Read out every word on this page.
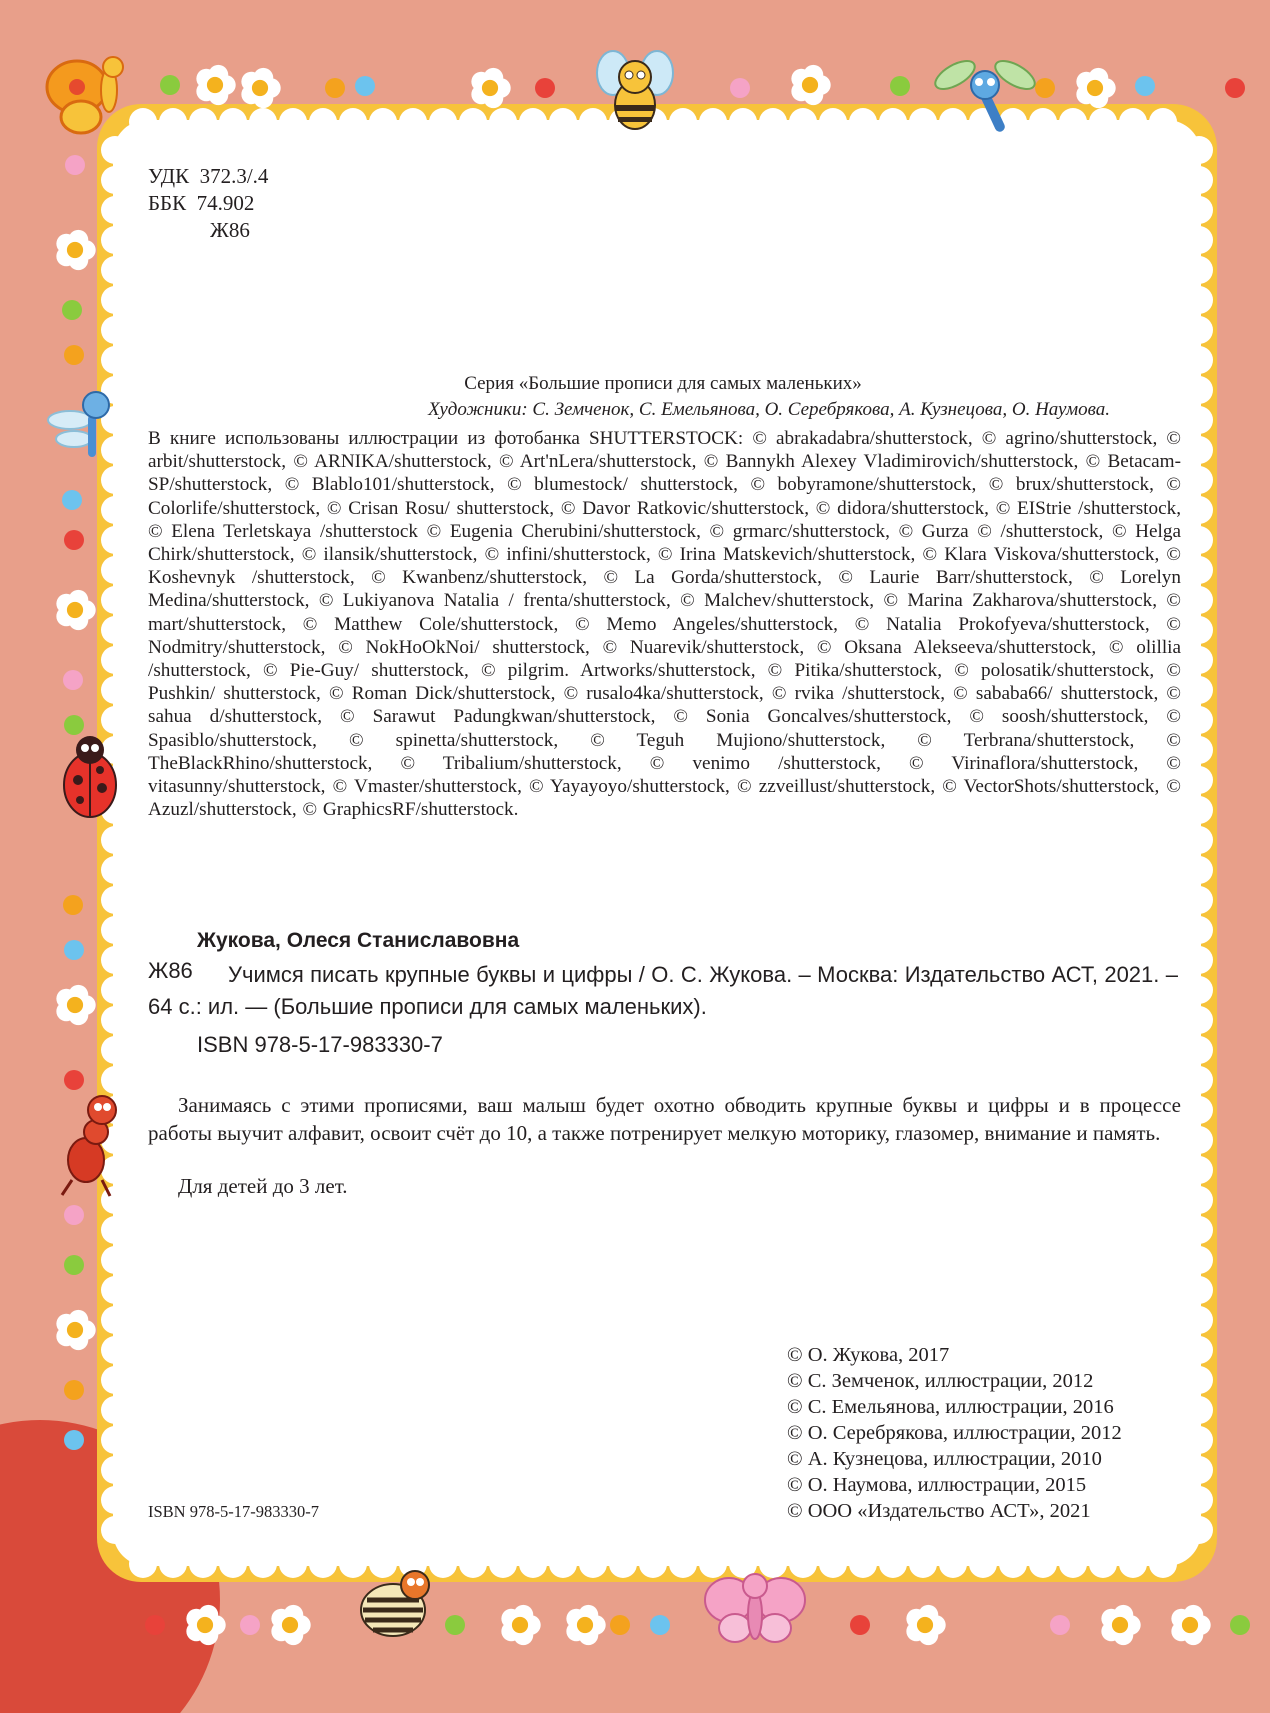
УДК  372.3/.4
ББК  74.902
Ж86
Серия «Большие прописи для самых маленьких»
Художники: С. Земченок, С. Емельянова, О. Серебрякова, А. Кузнецова, О. Наумова.
В книге использованы иллюстрации из фотобанка SHUTTERSTOCK: © abrakadabra/shutterstock, © agrino/shutterstock, © arbit/shutterstock, © ARNIKA/shutterstock, © Art'nLera/shutterstock, © Bannykh Alexey Vladimirovich/shutterstock, © Betacam-SP/shutterstock, © Blablo101/shutterstock, © blumestock/ shutterstock, © bobyramone/shutterstock, © brux/shutterstock, © Colorlife/shutterstock, © Crisan Rosu/ shutterstock, © Davor Ratkovic/shutterstock, © didora/shutterstock, © EIStrie /shutterstock, © Elena Terletskaya /shutterstock © Eugenia Cherubini/shutterstock, © grmarc/shutterstock, © Gurza © /shutterstock, © Helga Chirk/shutterstock, © ilansik/shutterstock, © infini/shutterstock, © Irina Matskevich/shutterstock, © Klara Viskova/shutterstock, © Koshevnyk /shutterstock, © Kwanbenz/shutterstock, © La Gorda/shutterstock, © Laurie Barr/shutterstock, © Lorelyn Medina/shutterstock, © Lukiyanova Natalia / frenta/shutterstock, © Malchev/shutterstock, © Marina Zakharova/shutterstock, © mart/shutterstock, © Matthew Cole/shutterstock, © Memo Angeles/shutterstock, © Natalia Prokofyeva/shutterstock, © Nodmitry/shutterstock, © NokHoOkNoi/ shutterstock, © Nuarevik/shutterstock, © Oksana Alekseeva/shutterstock, © olillia /shutterstock, © Pie-Guy/ shutterstock, © pilgrim. Artworks/shutterstock, © Pitika/shutterstock, © polosatik/shutterstock, © Pushkin/ shutterstock, © Roman Dick/shutterstock, © rusalo4ka/shutterstock, © rvika /shutterstock, © sababa66/ shutterstock, © sahua d/shutterstock, © Sarawut Padungkwan/shutterstock, © Sonia Goncalves/shutterstock, © soosh/shutterstock, © Spasiblo/shutterstock, © spinetta/shutterstock, © Teguh Mujiono/shutterstock, © Terbrana/shutterstock, © TheBlackRhino/shutterstock, © Tribalium/shutterstock, © venimo /shutterstock, © Virinaflora/shutterstock, © vitasunny/shutterstock, © Vmaster/shutterstock, © Yayayoyo/shutterstock, © zzveillust/shutterstock, © VectorShots/shutterstock, © Azuzl/shutterstock, © GraphicsRF/shutterstock.
Жукова, Олеся Станиславовна
Ж86	Учимся писать крупные буквы и цифры / О. С. Жукова. – Москва: Издательство АСТ, 2021. – 64 с.: ил. — (Большие прописи для самых маленьких).
ISBN 978-5-17-983330-7
Занимаясь с этими прописями, ваш малыш будет охотно обводить крупные буквы и цифры и в процессе работы выучит алфавит, освоит счёт до 10, а также потренирует мелкую моторику, глазомер, внимание и память.
Для детей до 3 лет.
© О. Жукова, 2017
© С. Земченок, иллюстрации, 2012
© С. Емельянова, иллюстрации, 2016
© О. Серебрякова, иллюстрации, 2012
© А. Кузнецова, иллюстрации, 2010
© О. Наумова, иллюстрации, 2015
© ООО «Издательство АСТ», 2021
ISBN 978-5-17-983330-7
